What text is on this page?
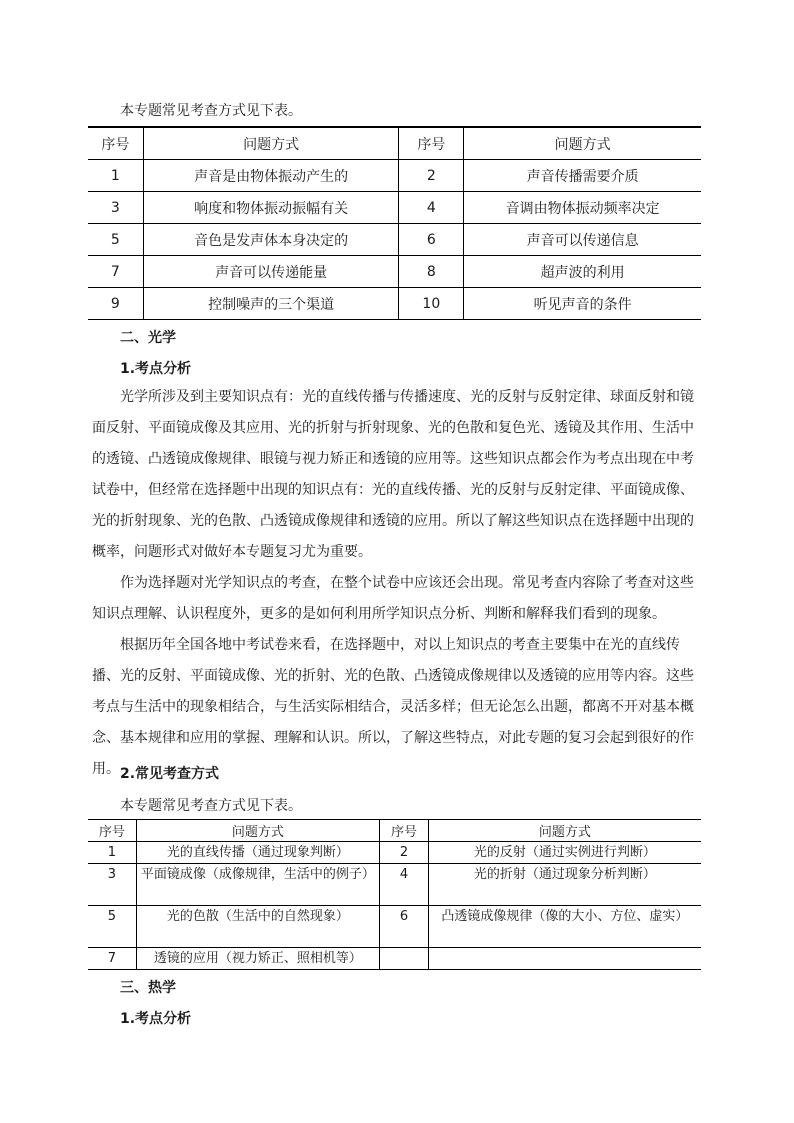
本专题常见考查方式见下表。
序号	问题方式	序号	问题方式
1	声音是由物体振动产生的	2	声音传播需要介质
3	响度和物体振动振幅有关	4	音调由物体振动频率决定
5	音色是发声体本身决定的	6	声音可以传递信息
7	声音可以传递能量	8	超声波的利用
9	控制噪声的三个渠道	10	听见声音的条件
二、光学
1.考点分析
光学所涉及到主要知识点有：光的直线传播与传播速度、光的反射与反射定律、球面反射和镜面反射、平面镜成像及其应用、光的折射与折射现象、光的色散和复色光、透镜及其作用、生活中的透镜、凸透镜成像规律、眼镜与视力矫正和透镜的应用等。这些知识点都会作为考点出现在中考试卷中，但经常在选择题中出现的知识点有：光的直线传播、光的反射与反射定律、平面镜成像、光的折射现象、光的色散、凸透镜成像规律和透镜的应用。所以了解这些知识点在选择题中出现的概率，问题形式对做好本专题复习尤为重要。
作为选择题对光学知识点的考查，在整个试卷中应该还会出现。常见考查内容除了考查对这些知识点理解、认识程度外，更多的是如何利用所学知识点分析、判断和解释我们看到的现象。
根据历年全国各地中考试卷来看，在选择题中，对以上知识点的考查主要集中在光的直线传播、光的反射、平面镜成像、光的折射、光的色散、凸透镜成像规律以及透镜的应用等内容。这些考点与生活中的现象相结合，与生活实际相结合，灵活多样；但无论怎么出题，都离不开对基本概念、基本规律和应用的掌握、理解和认识。所以，了解这些特点，对此专题的复习会起到很好的作用。 2.常见考查方式
本专题常见考查方式见下表。
序号	问题方式	序号	问题方式
1	光的直线传播（通过现象判断）	2	光的反射（通过实例进行判断）
3	平面镜成像（成像规律，生活中的例子）	4	光的折射（通过现象分析判断）
5	光的色散（生活中的自然现象）	6	凸透镜成像规律（像的大小、方位、虚实）
7	透镜的应用（视力矫正、照相机等）		
三、热学
1.考点分析
